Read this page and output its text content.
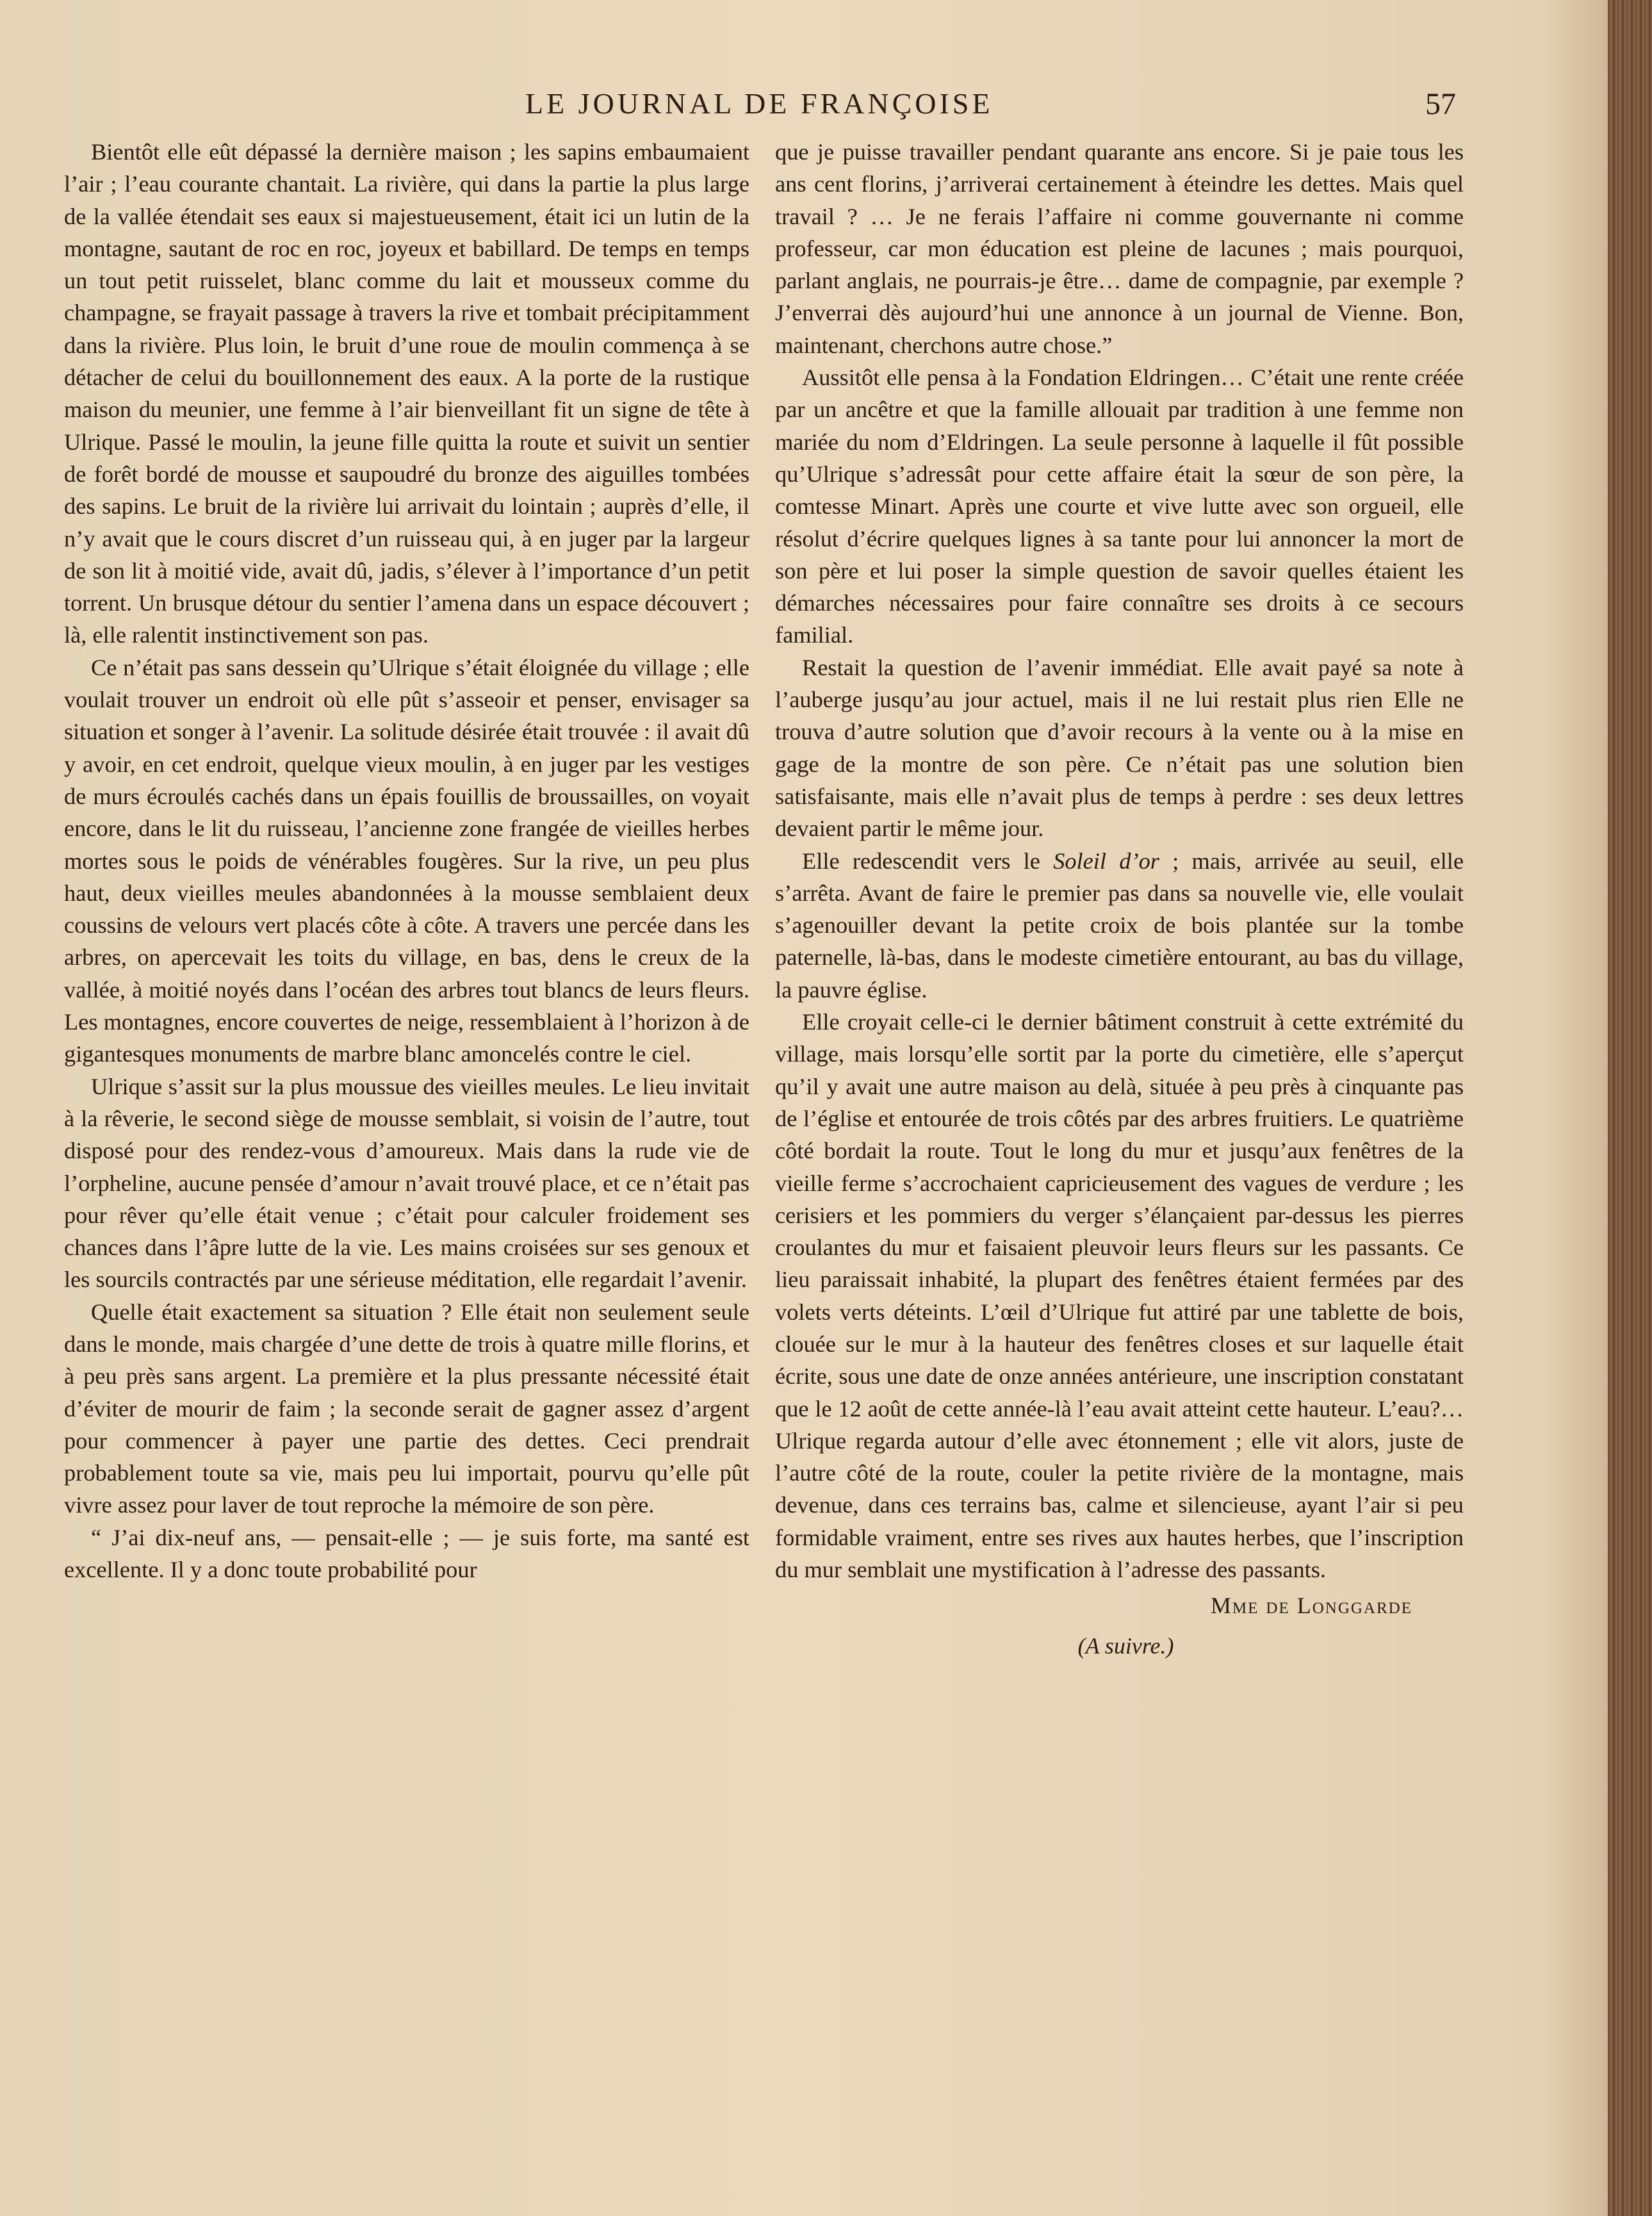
LE JOURNAL DE FRANÇOISE	57

Bientôt elle eût dépassé la dernière maison ; les sapins embaumaient l’air ; l’eau courante chantait. La rivière, qui dans la partie la plus large de la vallée étendait ses eaux si majestueusement, était ici un lutin de la montagne, sautant de roc en roc, joyeux et babillard. De temps en temps un tout petit ruisselet, blanc comme du lait et mousseux comme du champagne, se frayait passage à travers la rive et tombait précipitamment dans la rivière. Plus loin, le bruit d’une roue de moulin commença à se détacher de celui du bouillonnement des eaux. A la porte de la rustique maison du meunier, une femme à l’air bienveillant fit un signe de tête à Ulrique. Passé le moulin, la jeune fille quitta la route et suivit un sentier de forêt bordé de mousse et saupoudré du bronze des aiguilles tombées des sapins. Le bruit de la rivière lui arrivait du lointain ; auprès d’elle, il n’y avait que le cours discret d’un ruisseau qui, à en juger par la largeur de son lit à moitié vide, avait dû, jadis, s’élever à l’importance d’un petit torrent. Un brusque détour du sentier l’amena dans un espace découvert ; là, elle ralentit instinctivement son pas.

Ce n’était pas sans dessein qu’Ulrique s’était éloignée du village ; elle voulait trouver un endroit où elle pût s’asseoir et penser, envisager sa situation et songer à l’avenir. La solitude désirée était trouvée : il avait dû y avoir, en cet endroit, quelque vieux moulin, à en juger par les vestiges de murs écroulés cachés dans un épais fouillis de broussailles, on voyait encore, dans le lit du ruisseau, l’ancienne zone frangée de vieilles herbes mortes sous le poids de vénérables fougères. Sur la rive, un peu plus haut, deux vieilles meules abandonnées à la mousse semblaient deux coussins de velours vert placés côte à côte. A travers une percée dans les arbres, on apercevait les toits du village, en bas, dens le creux de la vallée, à moitié noyés dans l’océan des arbres tout blancs de leurs fleurs. Les montagnes, encore couvertes de neige, ressemblaient à l’horizon à de gigantesques monuments de marbre blanc amoncelés contre le ciel.

Ulrique s’assit sur la plus moussue des vieilles meules. Le lieu invitait à la rêverie, le second siège de mousse semblait, si voisin de l’autre, tout disposé pour des rendez-vous d’amoureux. Mais dans la rude vie de l’orpheline, aucune pensée d’amour n’avait trouvé place, et ce n’était pas pour rêver qu’elle était venue ; c’était pour calculer froidement ses chances dans l’âpre lutte de la vie. Les mains croisées sur ses genoux et les sourcils contractés par une sérieuse méditation, elle regardait l’avenir.

Quelle était exactement sa situation ? Elle était non seulement seule dans le monde, mais chargée d’une dette de trois à quatre mille florins, et à peu près sans argent. La première et la plus pressante nécessité était d’éviter de mourir de faim ; la seconde serait de gagner assez d’argent pour commencer à payer une partie des dettes. Ceci prendrait probablement toute sa vie, mais peu lui importait, pourvu qu’elle pût vivre assez pour laver de tout reproche la mémoire de son père.

“ J’ai dix-neuf ans, — pensait-elle ; — je suis forte, ma santé est excellente. Il y a donc toute probabilité pour

que je puisse travailler pendant quarante ans encore. Si je paie tous les ans cent florins, j’arriverai certainement à éteindre les dettes. Mais quel travail ? … Je ne ferais l’affaire ni comme gouvernante ni comme professeur, car mon éducation est pleine de lacunes ; mais pourquoi, parlant anglais, ne pourrais-je être… dame de compagnie, par exemple ? J’enverrai dès aujourd’hui une annonce à un journal de Vienne. Bon, maintenant, cherchons autre chose.”

Aussitôt elle pensa à la Fondation Eldringen… C’était une rente créée par un ancêtre et que la famille allouait par tradition à une femme non mariée du nom d’Eldringen. La seule personne à laquelle il fût possible qu’Ulrique s’adressât pour cette affaire était la sœur de son père, la comtesse Minart. Après une courte et vive lutte avec son orgueil, elle résolut d’écrire quelques lignes à sa tante pour lui annoncer la mort de son père et lui poser la simple question de savoir quelles étaient les démarches nécessaires pour faire connaître ses droits à ce secours familial.

Restait la question de l’avenir immédiat. Elle avait payé sa note à l’auberge jusqu’au jour actuel, mais il ne lui restait plus rien Elle ne trouva d’autre solution que d’avoir recours à la vente ou à la mise en gage de la montre de son père. Ce n’était pas une solution bien satisfaisante, mais elle n’avait plus de temps à perdre : ses deux lettres devaient partir le même jour.

Elle redescendit vers le Soleil d’or ; mais, arrivée au seuil, elle s’arrêta. Avant de faire le premier pas dans sa nouvelle vie, elle voulait s’agenouiller devant la petite croix de bois plantée sur la tombe paternelle, là-bas, dans le modeste cimetière entourant, au bas du village, la pauvre église.

Elle croyait celle-ci le dernier bâtiment construit à cette extrémité du village, mais lorsqu’elle sortit par la porte du cimetière, elle s’aperçut qu’il y avait une autre maison au delà, située à peu près à cinquante pas de l’église et entourée de trois côtés par des arbres fruitiers. Le quatrième côté bordait la route. Tout le long du mur et jusqu’aux fenêtres de la vieille ferme s’accrochaient capricieusement des vagues de verdure ; les cerisiers et les pommiers du verger s’élançaient par-dessus les pierres croulantes du mur et faisaient pleuvoir leurs fleurs sur les passants. Ce lieu paraissait inhabité, la plupart des fenêtres étaient fermées par des volets verts déteints. L’œil d’Ulrique fut attiré par une tablette de bois, clouée sur le mur à la hauteur des fenêtres closes et sur laquelle était écrite, sous une date de onze années antérieure, une inscription constatant que le 12 août de cette année-là l’eau avait atteint cette hauteur. L’eau?… Ulrique regarda autour d’elle avec étonnement ; elle vit alors, juste de l’autre côté de la route, couler la petite rivière de la montagne, mais devenue, dans ces terrains bas, calme et silencieuse, ayant l’air si peu formidable vraiment, entre ses rives aux hautes herbes, que l’inscription du mur semblait une mystification à l’adresse des passants.

Mme de Longgarde
(A suivre.)
